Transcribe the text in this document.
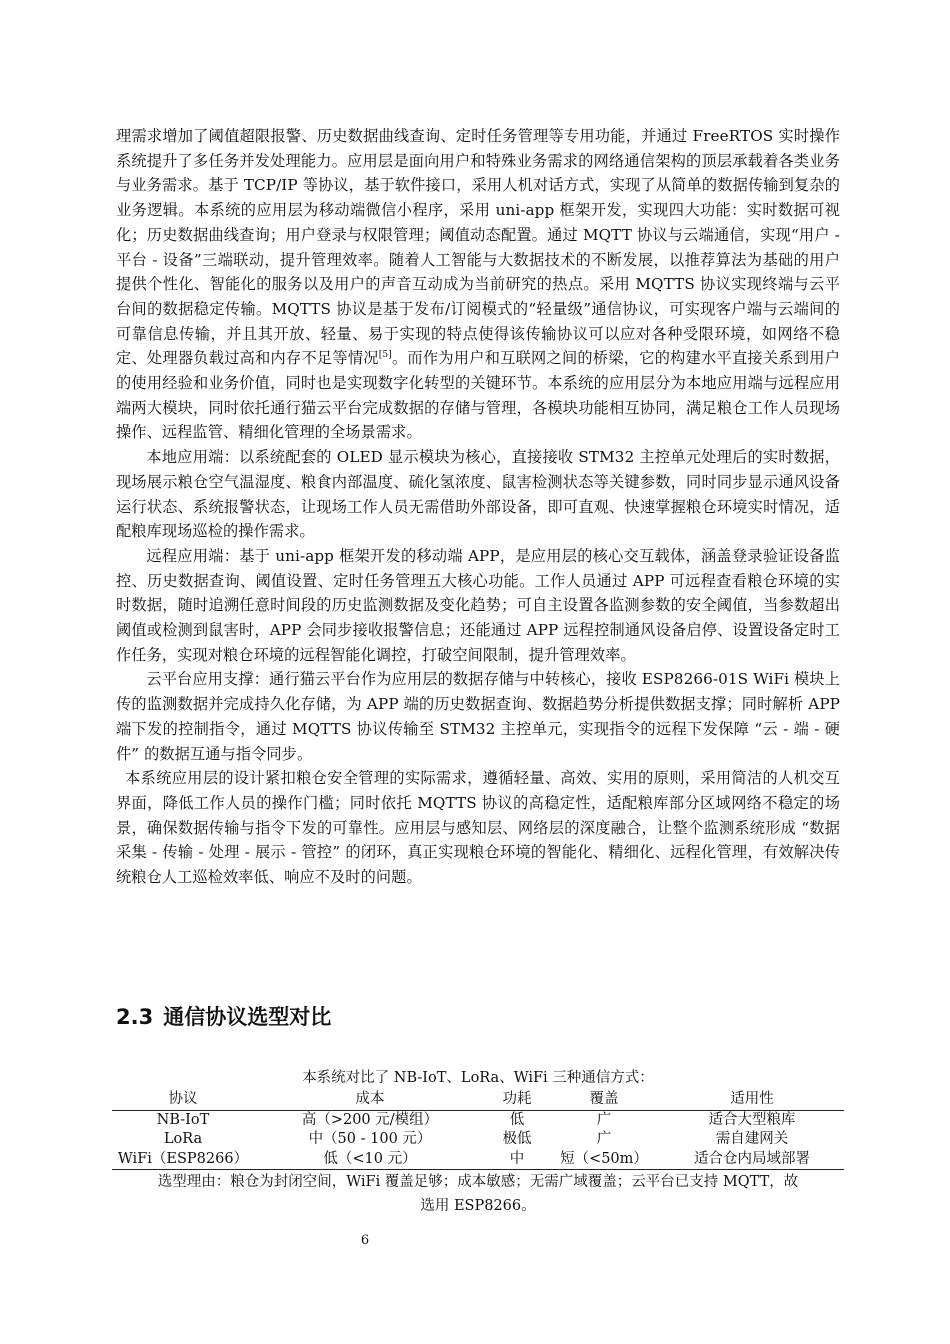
理需求增加了阈值超限报警、历史数据曲线查询、定时任务管理等专用功能，并通过 FreeRTOS 实时操作系统提升了多任务并发处理能力。应用层是面向用户和特殊业务需求的网络通信架构的顶层承载着各类业务与业务需求。基于 TCP/IP 等协议，基于软件接口，采用人机对话方式，实现了从简单的数据传输到复杂的业务逻辑。本系统的应用层为移动端微信小程序，采用 uni-app 框架开发，实现四大功能：实时数据可视化；历史数据曲线查询；用户登录与权限管理；阈值动态配置。通过 MQTT 协议与云端通信，实现“用户 - 平台 - 设备”三端联动，提升管理效率。随着人工智能与大数据技术的不断发展，以推荐算法为基础的用户提供个性化、智能化的服务以及用户的声音互动成为当前研究的热点。采用 MQTTS 协议实现终端与云平台间的数据稳定传输。MQTTS 协议是基于发布/订阅模式的“轻量级”通信协议，可实现客户端与云端间的可靠信息传输，并且其开放、轻量、易于实现的特点使得该传输协议可以应对各种受限环境，如网络不稳定、处理器负载过高和内存不足等情况[5]。而作为用户和互联网之间的桥梁，它的构建水平直接关系到用户的使用经验和业务价值，同时也是实现数字化转型的关键环节。本系统的应用层分为本地应用端与远程应用端两大模块，同时依托通行猫云平台完成数据的存储与管理，各模块功能相互协同，满足粮仓工作人员现场操作、远程监管、精细化管理的全场景需求。

本地应用端：以系统配套的 OLED 显示模块为核心，直接接收 STM32 主控单元处理后的实时数据，现场展示粮仓空气温湿度、粮食内部温度、硫化氢浓度、鼠害检测状态等关键参数，同时同步显示通风设备运行状态、系统报警状态，让现场工作人员无需借助外部设备，即可直观、快速掌握粮仓环境实时情况，适配粮库现场巡检的操作需求。

远程应用端：基于 uni-app 框架开发的移动端 APP，是应用层的核心交互载体，涵盖登录验证设备监控、历史数据查询、阈值设置、定时任务管理五大核心功能。工作人员通过 APP 可远程查看粮仓环境的实时数据，随时追溯任意时间段的历史监测数据及变化趋势；可自主设置各监测参数的安全阈值，当参数超出阈值或检测到鼠害时，APP 会同步接收报警信息；还能通过 APP 远程控制通风设备启停、设置设备定时工作任务，实现对粮仓环境的远程智能化调控，打破空间限制，提升管理效率。

云平台应用支撑：通行猫云平台作为应用层的数据存储与中转核心，接收 ESP8266-01S WiFi 模块上传的监测数据并完成持久化存储，为 APP 端的历史数据查询、数据趋势分析提供数据支撑；同时解析 APP 端下发的控制指令，通过 MQTTS 协议传输至 STM32 主控单元，实现指令的远程下发保障 “云 - 端 - 硬件” 的数据互通与指令同步。

本系统应用层的设计紧扣粮仓安全管理的实际需求，遵循轻量、高效、实用的原则，采用简洁的人机交互界面，降低工作人员的操作门槛；同时依托 MQTTS 协议的高稳定性，适配粮库部分区域网络不稳定的场景，确保数据传输与指令下发的可靠性。应用层与感知层、网络层的深度融合，让整个监测系统形成 “数据采集 - 传输 - 处理 - 展示 - 管控” 的闭环，真正实现粮仓环境的智能化、精细化、远程化管理，有效解决传统粮仓人工巡检效率低、响应不及时的问题。

2.3 通信协议选型对比

本系统对比了 NB-IoT、LoRa、WiFi 三种通信方式：

协议	成本	功耗	覆盖	适用性
NB-IoT	高（>200 元/模组）	低	广	适合大型粮库
LoRa	中（50 - 100 元）	极低	广	需自建网关
WiFi（ESP8266）	低（<10 元）	中	短（<50m）	适合仓内局域部署

选型理由：粮仓为封闭空间，WiFi 覆盖足够；成本敏感；无需广域覆盖；云平台已支持 MQTT，故
选用 ESP8266。

6
